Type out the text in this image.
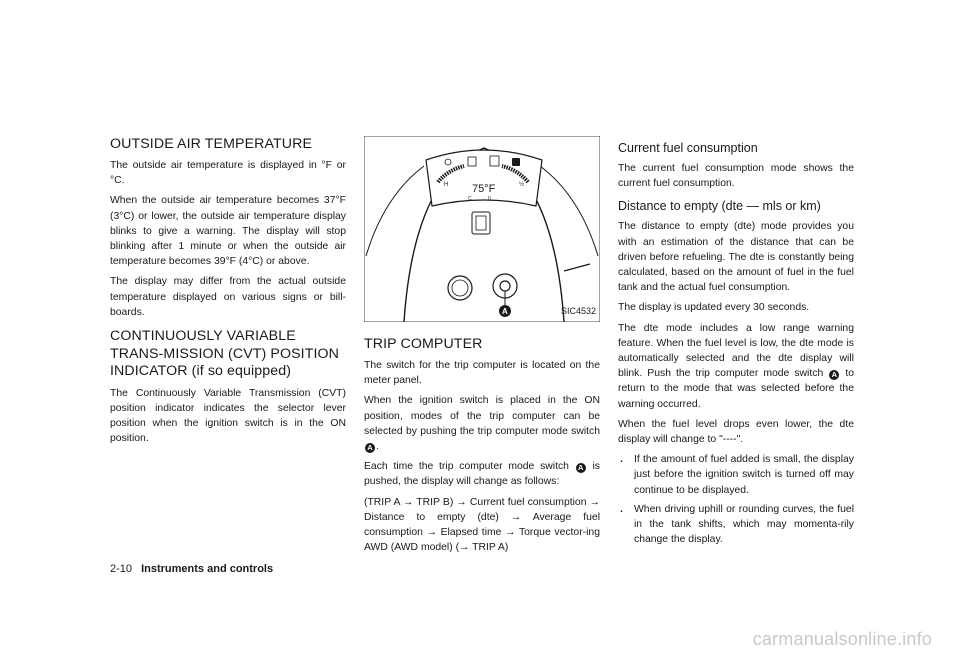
OUTSIDE AIR TEMPERATURE

The outside air temperature is displayed in °F or °C.

When the outside air temperature becomes 37°F (3°C) or lower, the outside air temperature display blinks to give a warning. The display will stop blinking after 1 minute or when the outside air temperature becomes 39°F (4°C) or above.

The display may differ from the actual outside temperature displayed on various signs or bill-boards.

CONTINUOUSLY VARIABLE TRANS-MISSION (CVT) POSITION INDICATOR (if so equipped)

The Continuously Variable Transmission (CVT) position indicator indicates the selector lever position when the ignition switch is in the ON position.

H	½
C	0
75°F
A	SIC4532
TRIP COMPUTER

The switch for the trip computer is located on the meter panel.

When the ignition switch is placed in the ON position, modes of the trip computer can be selected by pushing the trip computer mode switch A .

Each time the trip computer mode switch A is pushed, the display will change as follows:

(TRIP A → TRIP B) → Current fuel consumption → Distance to empty (dte) → Average fuel consumption → Elapsed time → Torque vector-ing AWD (AWD model) (→ TRIP A)

Current fuel consumption

The current fuel consumption mode shows the current fuel consumption.

Distance to empty (dte — mls or km)

The distance to empty (dte) mode provides you with an estimation of the distance that can be driven before refueling. The dte is constantly being calculated, based on the amount of fuel in the fuel tank and the actual fuel consumption.

The display is updated every 30 seconds.

The dte mode includes a low range warning feature. When the fuel level is low, the dte mode is automatically selected and the dte display will blink. Push the trip computer mode switch A to return to the mode that was selected before the warning occurred.

When the fuel level drops even lower, the dte display will change to "----".

. If the amount of fuel added is small, the display just before the ignition switch is turned off may continue to be displayed.
. When driving uphill or rounding curves, the fuel in the tank shifts, which may momenta-rily change the display.
2-10 Instruments and controls
carmanualsonline.info
